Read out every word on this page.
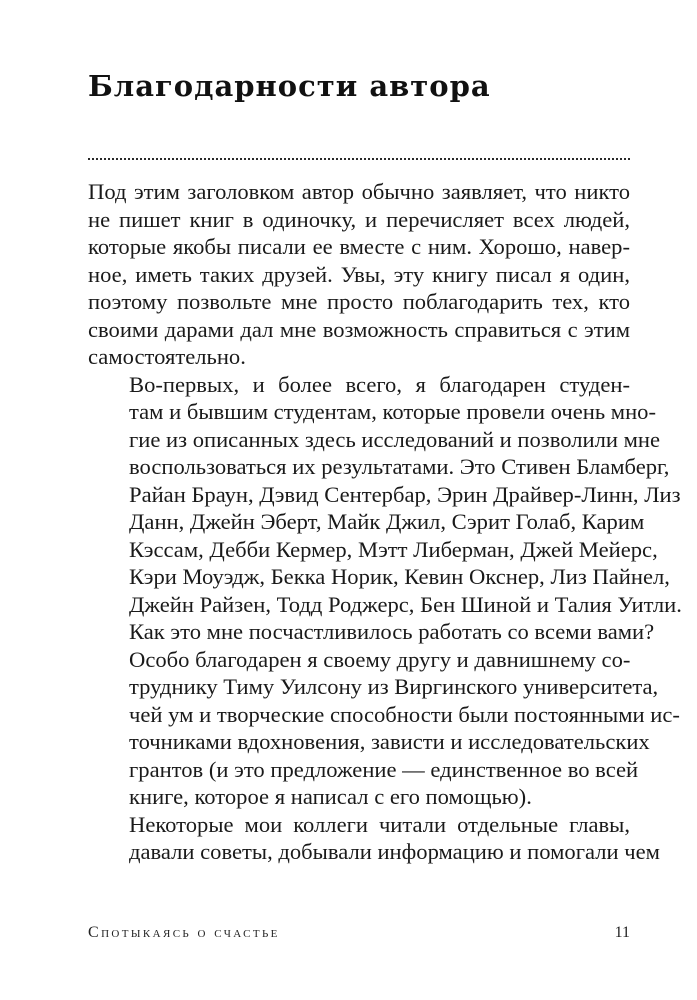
Благодарности автора

Под этим заголовком автор обычно заявляет, что никто
не пишет книг в одиночку, и перечисляет всех людей,
которые якобы писали ее вместе с ним. Хорошо, навер-
ное, иметь таких друзей. Увы, эту книгу писал я один,
поэтому позвольте мне просто поблагодарить тех, кто
своими дарами дал мне возможность справиться с этим
самостоятельно.

Во-первых, и более всего, я благодарен студен-
там и бывшим студентам, которые провели очень мно-
гие из описанных здесь исследований и позволили мне
воспользоваться их результатами. Это Стивен Бламберг,
Райан Браун, Дэвид Сентербар, Эрин Драйвер-Линн, Лиз
Данн, Джейн Эберт, Майк Джил, Сэрит Голаб, Карим
Кэссам, Дебби Кермер, Мэтт Либерман, Джей Мейерс,
Кэри Моуэдж, Бекка Норик, Кевин Окснер, Лиз Пайнел,
Джейн Райзен, Тодд Роджерс, Бен Шиной и Талия Уитли.
Как это мне посчастливилось работать со всеми вами?

Особо благодарен я своему другу и давнишнему со-
труднику Тиму Уилсону из Виргинского университета,
чей ум и творческие способности были постоянными ис-
точниками вдохновения, зависти и исследовательских
грантов (и это предложение — единственное во всей
книге, которое я написал с его помощью).

Некоторые мои коллеги читали отдельные главы,
давали советы, добывали информацию и помогали чем

Спотыкаясь о счастье	11
